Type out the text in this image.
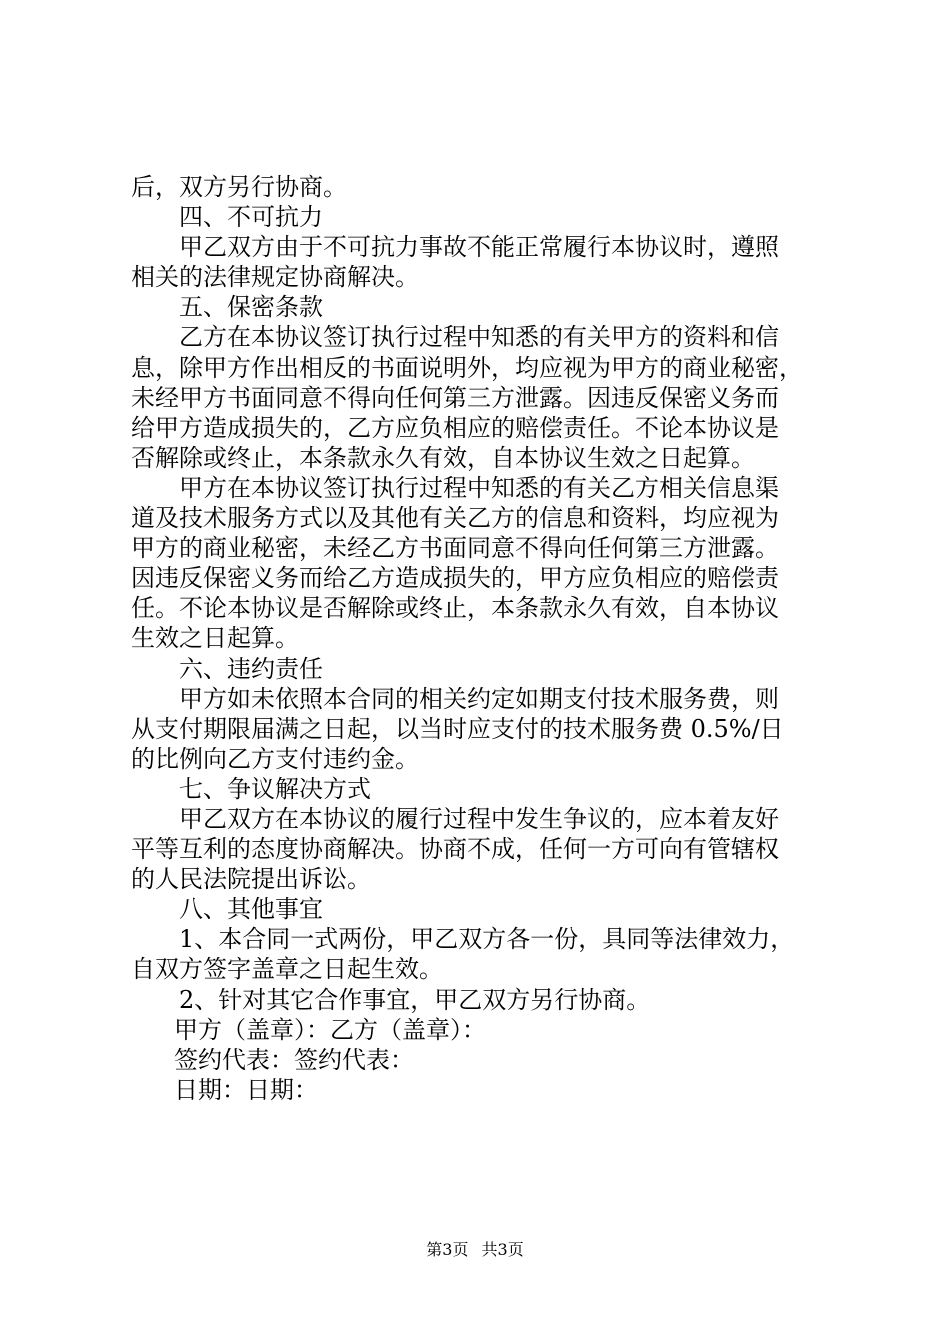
后，双方另行协商。
四、不可抗力
甲乙双方由于不可抗力事故不能正常履行本协议时，遵照
相关的法律规定协商解决。
五、保密条款
乙方在本协议签订执行过程中知悉的有关甲方的资料和信
息，除甲方作出相反的书面说明外，均应视为甲方的商业秘密，
未经甲方书面同意不得向任何第三方泄露。因违反保密义务而
给甲方造成损失的，乙方应负相应的赔偿责任。不论本协议是
否解除或终止，本条款永久有效，自本协议生效之日起算。
甲方在本协议签订执行过程中知悉的有关乙方相关信息渠
道及技术服务方式以及其他有关乙方的信息和资料，均应视为
甲方的商业秘密，未经乙方书面同意不得向任何第三方泄露。
因违反保密义务而给乙方造成损失的，甲方应负相应的赔偿责
任。不论本协议是否解除或终止，本条款永久有效，自本协议
生效之日起算。
六、违约责任
甲方如未依照本合同的相关约定如期支付技术服务费，则
从支付期限届满之日起，以当时应支付的技术服务费 0.5%/日
的比例向乙方支付违约金。
七、争议解决方式
甲乙双方在本协议的履行过程中发生争议的，应本着友好
平等互利的态度协商解决。协商不成，任何一方可向有管辖权
的人民法院提出诉讼。
八、其他事宜
1、本合同一式两份，甲乙双方各一份，具同等法律效力，
自双方签字盖章之日起生效。
2、针对其它合作事宜，甲乙双方另行协商。
甲方（盖章）：乙方（盖章）：
签约代表：签约代表：
日期：日期：
第3页 共3页
